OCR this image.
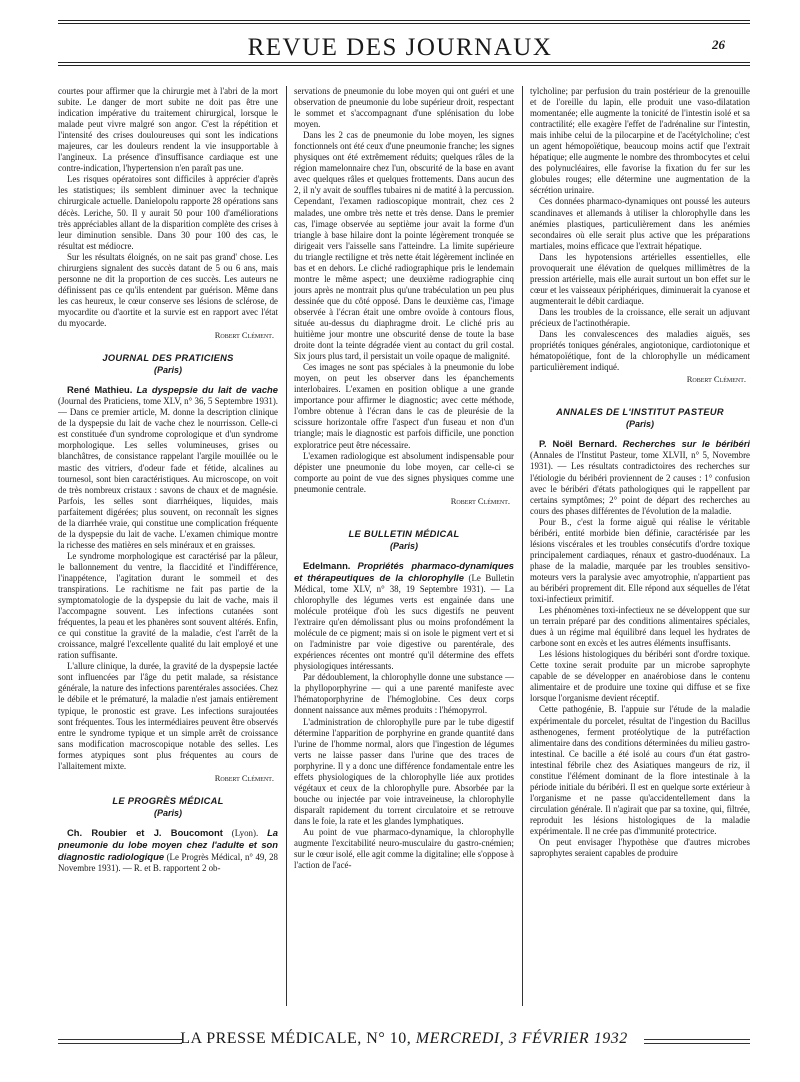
REVUE DES JOURNAUX	26

courtes pour affirmer que la chirurgie met à l'abri de la mort subite. Le danger de mort subite ne doit pas être une indication impérative du traitement chirurgical, lorsque le malade peut vivre malgré son angor. C'est la répétition et l'intensité des crises douloureuses qui sont les indications majeures, car les douleurs rendent la vie insupportable à l'angineux. La présence d'insuffisance cardiaque est une contre-indication, l'hypertension n'en paraît pas une.

Les risques opératoires sont difficiles à apprécier d'après les statistiques; ils semblent diminuer avec la technique chirurgicale actuelle. Danielopolu rapporte 28 opérations sans décès. Leriche, 50. Il y aurait 50 pour 100 d'améliorations très appréciables allant de la disparition complète des crises à leur diminution sensible. Dans 30 pour 100 des cas, le résultat est médiocre.

Sur les résultats éloignés, on ne sait pas grand' chose. Les chirurgiens signalent des succès datant de 5 ou 6 ans, mais personne ne dit la proportion de ces succès. Les auteurs ne définissent pas ce qu'ils entendent par guérison. Même dans les cas heureux, le cœur conserve ses lésions de sclérose, de myocardite ou d'aortite et la survie est en rapport avec l'état du myocarde.

Robert Clément.
JOURNAL DES PRATICIENS
(Paris)

René Mathieu. La dyspepsie du lait de vache (Journal des Praticiens, tome XLV, n° 36, 5 Septembre 1931). — Dans ce premier article, M. donne la description clinique de la dyspepsie du lait de vache chez le nourrisson. Celle-ci est constituée d'un syndrome coprologique et d'un syndrome morphologique. Les selles volumineuses, grises ou blanchâtres, de consistance rappelant l'argile mouillée ou le mastic des vitriers, d'odeur fade et fétide, alcalines au tournesol, sont bien caractéristiques. Au microscope, on voit de très nombreux cristaux : savons de chaux et de magnésie. Parfois, les selles sont diarrhéiques, liquides, mais parfaitement digérées; plus souvent, on reconnaît les signes de la diarrhée vraie, qui constitue une complication fréquente de la dyspepsie du lait de vache. L'examen chimique montre la richesse des matières en sels minéraux et en graisses.

Le syndrome morphologique est caractérisé par la pâleur, le ballonnement du ventre, la flaccidité et l'indifférence, l'inappétence, l'agitation durant le sommeil et des transpirations. Le rachitisme ne fait pas partie de la symptomatologie de la dyspepsie du lait de vache, mais il l'accompagne souvent. Les infections cutanées sont fréquentes, la peau et les phanères sont souvent altérés. Enfin, ce qui constitue la gravité de la maladie, c'est l'arrêt de la croissance, malgré l'excellente qualité du lait employé et une ration suffisante.

L'allure clinique, la durée, la gravité de la dyspepsie lactée sont influencées par l'âge du petit malade, sa résistance générale, la nature des infections parentérales associées. Chez le débile et le prématuré, la maladie n'est jamais entièrement typique, le pronostic est grave. Les infections surajoutées sont fréquentes. Tous les intermédiaires peuvent être observés entre le syndrome typique et un simple arrêt de croissance sans modification macroscopique notable des selles. Les formes atypiques sont plus fréquentes au cours de l'allaitement mixte.

Robert Clément.
LE PROGRÈS MÉDICAL
(Paris)

Ch. Roubier et J. Boucomont (Lyon). La pneumonie du lobe moyen chez l'adulte et son diagnostic radiologique (Le Progrès Médical, n° 49, 28 Novembre 1931). — R. et B. rapportent 2 ob-

servations de pneumonie du lobe moyen qui ont guéri et une observation de pneumonie du lobe supérieur droit, respectant le sommet et s'accompagnant d'une splénisation du lobe moyen.

Dans les 2 cas de pneumonie du lobe moyen, les signes fonctionnels ont été ceux d'une pneumonie franche; les signes physiques ont été extrêmement réduits; quelques râles de la région mamelonnaire chez l'un, obscurité de la base en avant avec quelques râles et quelques frottements. Dans aucun des 2, il n'y avait de souffles tubaires ni de matité à la percussion. Cependant, l'examen radioscopique montrait, chez ces 2 malades, une ombre très nette et très dense. Dans le premier cas, l'image observée au septième jour avait la forme d'un triangle à base hilaire dont la pointe légèrement tronquée se dirigeait vers l'aisselle sans l'atteindre. La limite supérieure du triangle rectiligne et très nette était légèrement inclinée en bas et en dehors. Le cliché radiographique pris le lendemain montre le même aspect; une deuxième radiographie cinq jours après ne montrait plus qu'une trabéculation un peu plus dessinée que du côté opposé. Dans le deuxième cas, l'image observée à l'écran était une ombre ovoïde à contours flous, située au-dessus du diaphragme droit. Le cliché pris au huitième jour montre une obscurité dense de toute la base droite dont la teinte dégradée vient au contact du gril costal. Six jours plus tard, il persistait un voile opaque de malignité.

Ces images ne sont pas spéciales à la pneumonie du lobe moyen, on peut les observer dans les épanchements interlobaires. L'examen en position oblique a une grande importance pour affirmer le diagnostic; avec cette méthode, l'ombre obtenue à l'écran dans le cas de pleurésie de la scissure horizontale offre l'aspect d'un fuseau et non d'un triangle; mais le diagnostic est parfois difficile, une ponction exploratrice peut être nécessaire.

L'examen radiologique est absolument indispensable pour dépister une pneumonie du lobe moyen, car celle-ci se comporte au point de vue des signes physiques comme une pneumonie centrale.

Robert Clément.
LE BULLETIN MÉDICAL
(Paris)

Edelmann. Propriétés pharmaco-dynamiques et thérapeutiques de la chlorophylle (Le Bulletin Médical, tome XLV, n° 38, 19 Septembre 1931). — La chlorophylle des légumes verts est engainée dans une molécule protéique d'où les sucs digestifs ne peuvent l'extraire qu'en démolissant plus ou moins profondément la molécule de ce pigment; mais si on isole le pigment vert et si on l'administre par voie digestive ou parentérale, des expériences récentes ont montré qu'il détermine des effets physiologiques intéressants.

Par dédoublement, la chlorophylle donne une substance — la phylloporphyrine — qui a une parenté manifeste avec l'hématoporphyrine de l'hémoglobine. Ces deux corps donnent naissance aux mêmes produits : l'hémopyrrol.

L'administration de chlorophylle pure par le tube digestif détermine l'apparition de porphyrine en grande quantité dans l'urine de l'homme normal, alors que l'ingestion de légumes verts ne laisse passer dans l'urine que des traces de porphyrine. Il y a donc une différence fondamentale entre les effets physiologiques de la chlorophylle liée aux protides végétaux et ceux de la chlorophylle pure. Absorbée par la bouche ou injectée par voie intraveineuse, la chlorophylle disparaît rapidement du torrent circulatoire et se retrouve dans le foie, la rate et les glandes lymphatiques.

Au point de vue pharmaco-dynamique, la chlorophylle augmente l'excitabilité neuro-musculaire du gastro-cnémien; sur le cœur isolé, elle agit comme la digitaline; elle s'oppose à l'action de l'acé-

tylcholine; par perfusion du train postérieur de la grenouille et de l'oreille du lapin, elle produit une vaso-dilatation momentanée; elle augmente la tonicité de l'intestin isolé et sa contractilité; elle exagère l'effet de l'adrénaline sur l'intestin, mais inhibe celui de la pilocarpine et de l'acétylcholine; c'est un agent hémopoïétique, beaucoup moins actif que l'extrait hépatique; elle augmente le nombre des thrombocytes et celui des polynucléaires, elle favorise la fixation du fer sur les globules rouges; elle détermine une augmentation de la sécrétion urinaire.

Ces données pharmaco-dynamiques ont poussé les auteurs scandinaves et allemands à utiliser la chlorophylle dans les anémies plastiques, particulièrement dans les anémies secondaires où elle serait plus active que les préparations martiales, moins efficace que l'extrait hépatique.

Dans les hypotensions artérielles essentielles, elle provoquerait une élévation de quelques millimètres de la pression artérielle, mais elle aurait surtout un bon effet sur le cœur et les vaisseaux périphériques, diminuerait la cyanose et augmenterait le débit cardiaque.

Dans les troubles de la croissance, elle serait un adjuvant précieux de l'actinothérapie.

Dans les convalescences des maladies aiguës, ses propriétés toniques générales, angiotonique, cardiotonique et hématopoïétique, font de la chlorophylle un médicament particulièrement indiqué.

Robert Clément.
ANNALES DE L'INSTITUT PASTEUR
(Paris)

P. Noël Bernard. Recherches sur le béribéri (Annales de l'Institut Pasteur, tome XLVII, n° 5, Novembre 1931). — Les résultats contradictoires des recherches sur l'étiologie du béribéri proviennent de 2 causes : 1° confusion avec le béribéri d'états pathologiques qui le rappellent par certains symptômes; 2° point de départ des recherches au cours des phases différentes de l'évolution de la maladie.

Pour B., c'est la forme aiguë qui réalise le véritable béribéri, entité morbide bien définie, caractérisée par les lésions viscérales et les troubles consécutifs d'ordre toxique principalement cardiaques, rénaux et gastro-duodénaux. La phase de la maladie, marquée par les troubles sensitivo-moteurs vers la paralysie avec amyotrophie, n'appartient pas au béribéri proprement dit. Elle répond aux séquelles de l'état toxi-infectieux primitif.

Les phénomènes toxi-infectieux ne se développent que sur un terrain préparé par des conditions alimentaires spéciales, dues à un régime mal équilibré dans lequel les hydrates de carbone sont en excès et les autres éléments insuffisants.

Les lésions histologiques du béribéri sont d'ordre toxique. Cette toxine serait produite par un microbe saprophyte capable de se développer en anaérobiose dans le contenu alimentaire et de produire une toxine qui diffuse et se fixe lorsque l'organisme devient réceptif.

Cette pathogénie, B. l'appuie sur l'étude de la maladie expérimentale du porcelet, résultat de l'ingestion du Bacillus asthenogenes, ferment protéolytique de la putréfaction alimentaire dans des conditions déterminées du milieu gastro-intestinal. Ce bacille a été isolé au cours d'un état gastro-intestinal fébrile chez des Asiatiques mangeurs de riz, il constitue l'élément dominant de la flore intestinale à la période initiale du béribéri. Il est en quelque sorte extérieur à l'organisme et ne passe qu'accidentellement dans la circulation générale. Il n'agirait que par sa toxine, qui, filtrée, reproduit les lésions histologiques de la maladie expérimentale. Il ne crée pas d'immunité protectrice.

On peut envisager l'hypothèse que d'autres microbes saprophytes seraient capables de produire

LA PRESSE MÉDICALE, N° 10, MERCREDI, 3 FÉVRIER 1932
